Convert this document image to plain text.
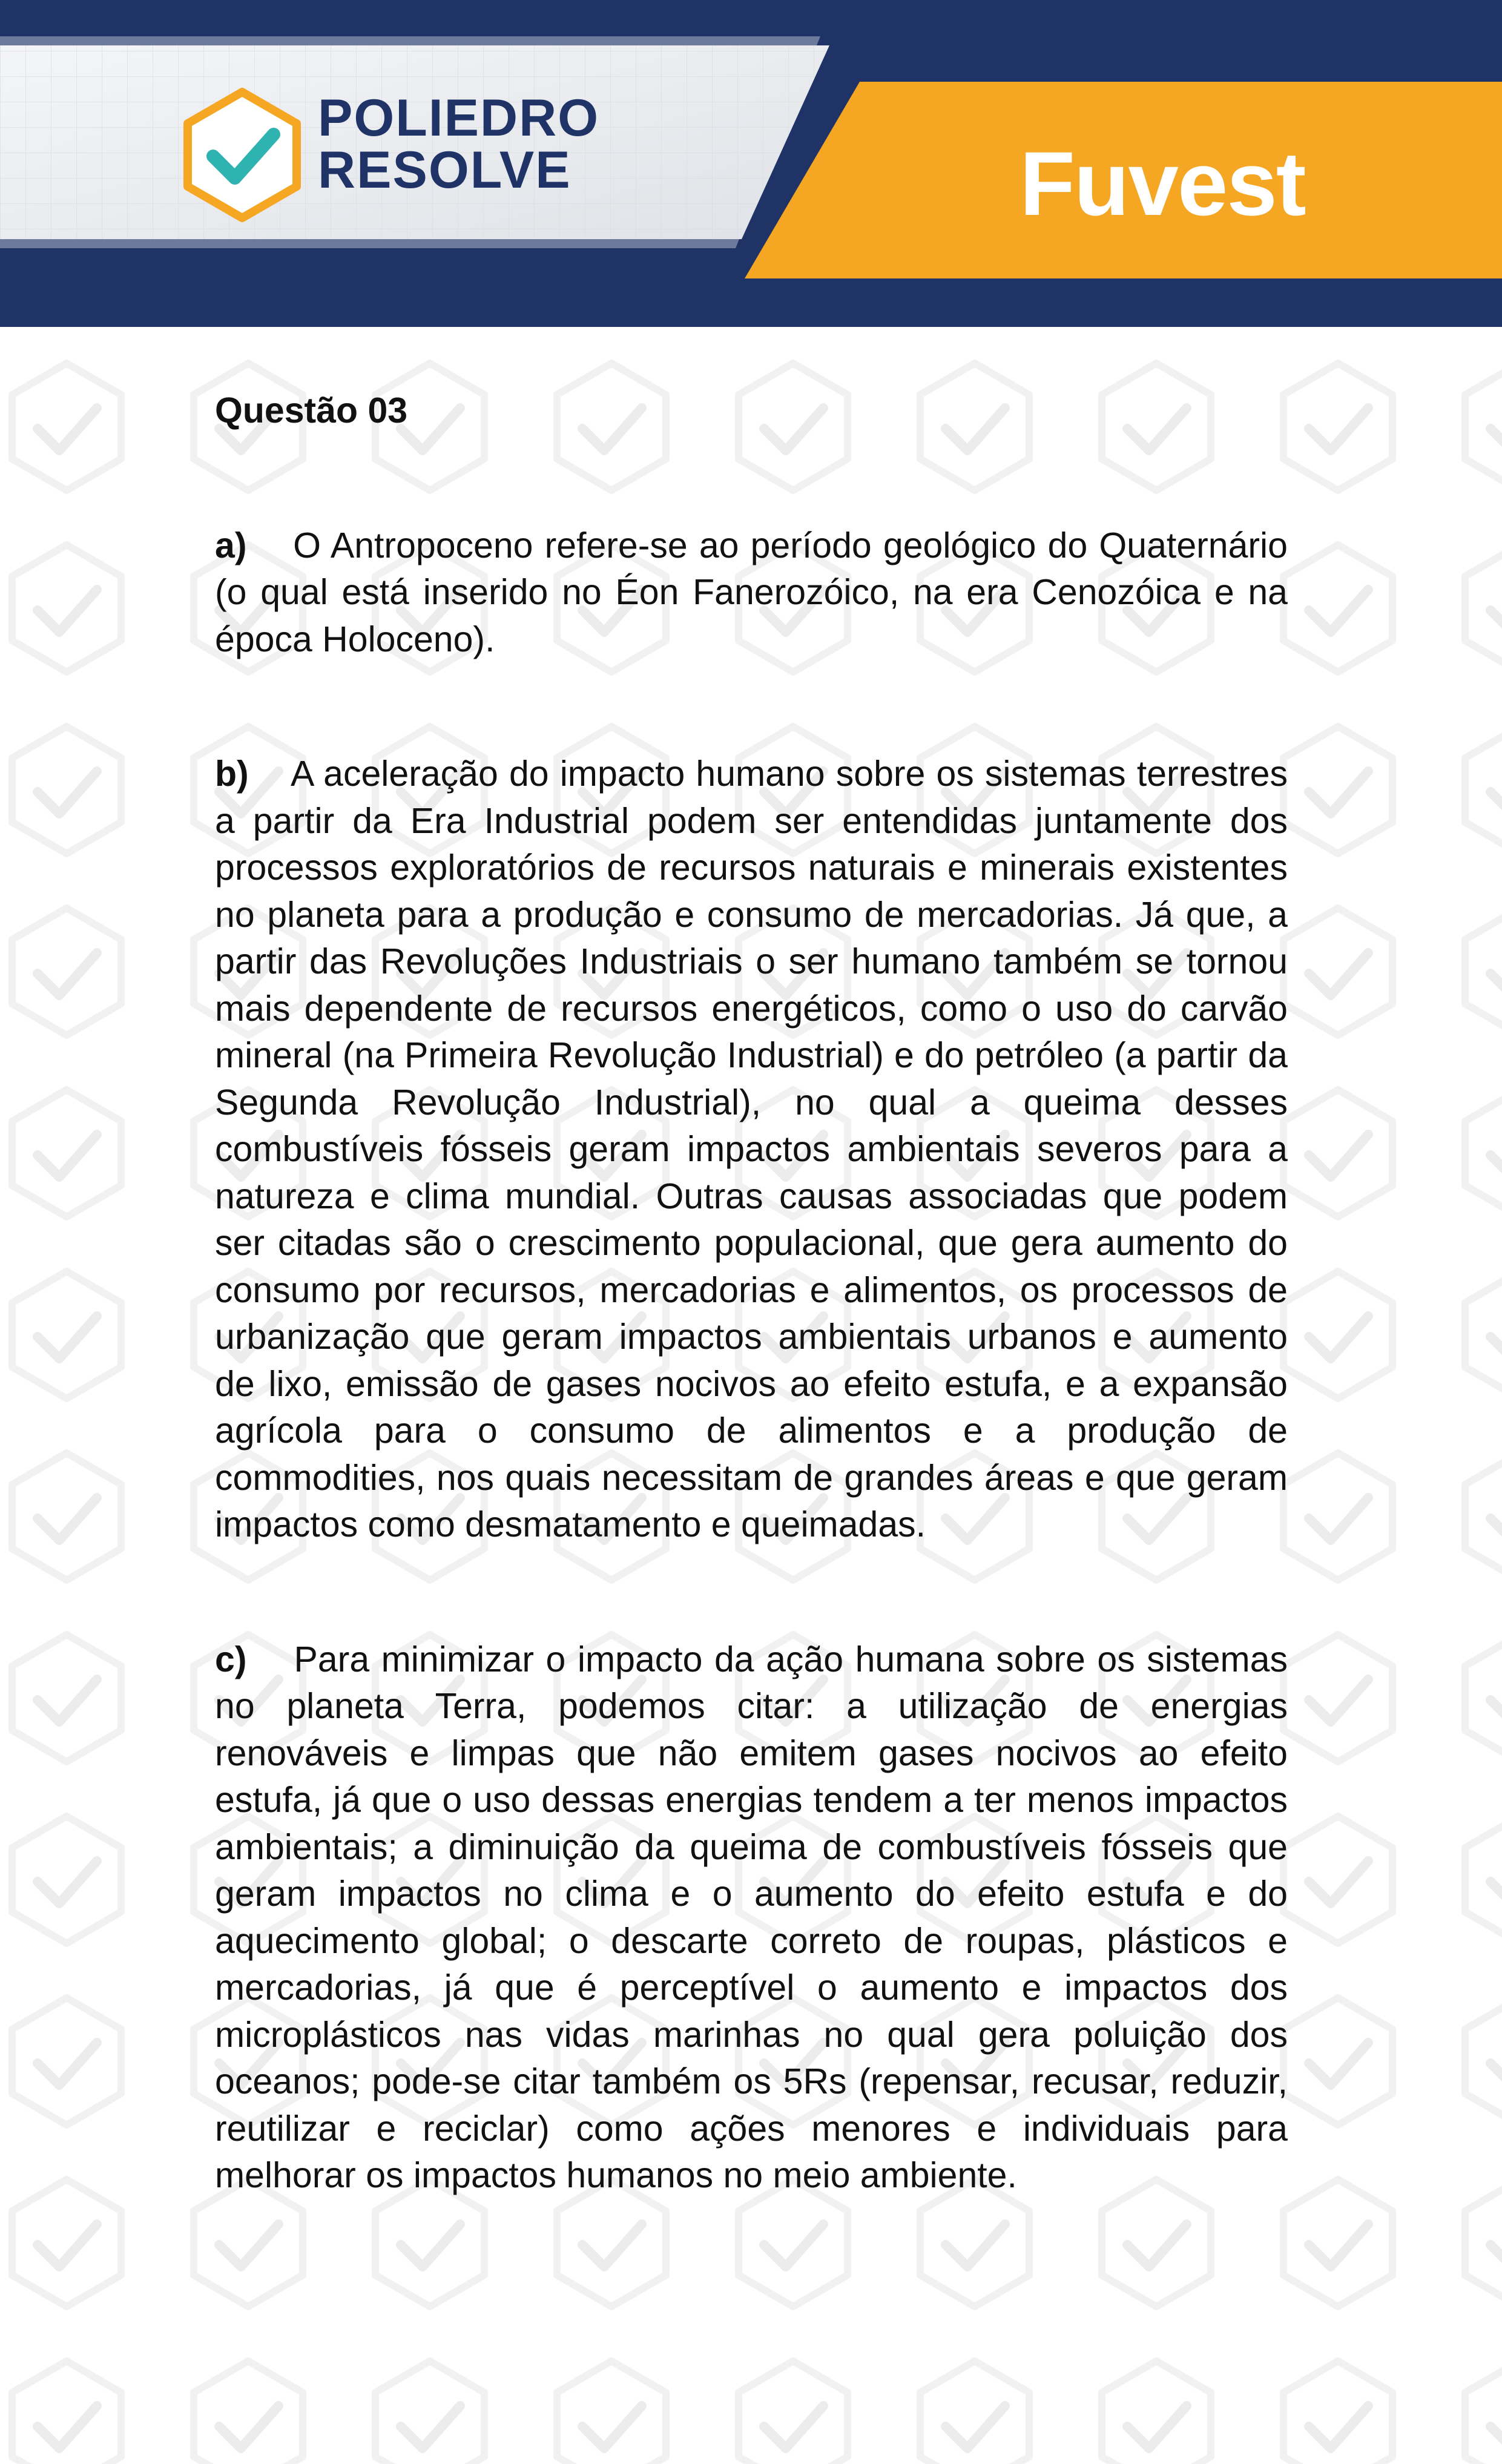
POLIEDRO
RESOLVE	Fuvest
Questão 03

a)    O Antropoceno refere-se ao período geológico do Quaternário (o qual está inserido no Éon Fanerozóico, na era Cenozóica e na época Holoceno).

b)    A aceleração do impacto humano sobre os sistemas terrestres a partir da Era Industrial podem ser entendidas juntamente dos processos exploratórios de recursos naturais e minerais existentes no planeta para a produção e consumo de mercadorias. Já que, a partir das Revoluções Industriais o ser humano também se tornou mais dependente de recursos energéticos, como o uso do carvão mineral (na Primeira Revolução Industrial) e do petróleo (a partir da Segunda Revolução Industrial), no qual a queima desses combustíveis fósseis geram impactos ambientais severos para a natureza e clima mundial. Outras causas associadas que podem ser citadas são o crescimento populacional, que gera aumento do consumo por recursos, mercadorias e alimentos, os processos de urbanização que geram impactos ambientais urbanos e aumento de lixo, emissão de gases nocivos ao efeito estufa, e a expansão agrícola para o consumo de alimentos e a produção de commodities, nos quais necessitam de grandes áreas e que geram impactos como desmatamento e queimadas.

c)    Para minimizar o impacto da ação humana sobre os sistemas no planeta Terra, podemos citar: a utilização de energias renováveis e limpas que não emitem gases nocivos ao efeito estufa, já que o uso dessas energias tendem a ter menos impactos ambientais; a diminuição da queima de combustíveis fósseis que geram impactos no clima e o aumento do efeito estufa e do aquecimento global; o descarte correto de roupas, plásticos e mercadorias, já que é perceptível o aumento e impactos dos microplásticos nas vidas marinhas no qual gera poluição dos oceanos; pode-se citar também os 5Rs (repensar, recusar, reduzir, reutilizar e reciclar) como ações menores e individuais para melhorar os impactos humanos no meio ambiente.
